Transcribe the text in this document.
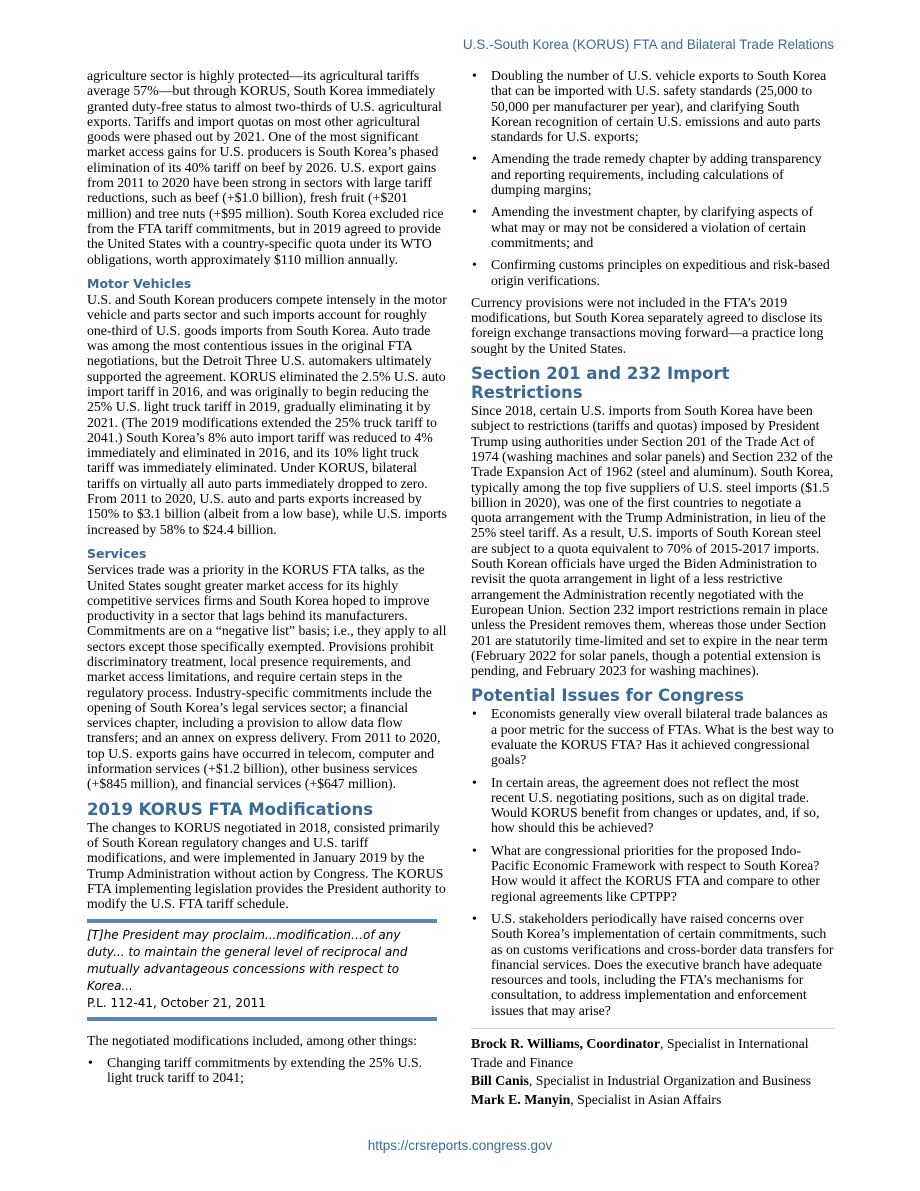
U.S.-South Korea (KORUS) FTA and Bilateral Trade Relations

agriculture sector is highly protected—its agricultural tariffs average 57%—but through KORUS, South Korea immediately granted duty-free status to almost two-thirds of U.S. agricultural exports. Tariffs and import quotas on most other agricultural goods were phased out by 2021. One of the most significant market access gains for U.S. producers is South Korea’s phased elimination of its 40% tariff on beef by 2026. U.S. export gains from 2011 to 2020 have been strong in sectors with large tariff reductions, such as beef (+$1.0 billion), fresh fruit (+$201 million) and tree nuts (+$95 million). South Korea excluded rice from the FTA tariff commitments, but in 2019 agreed to provide the United States with a country-specific quota under its WTO obligations, worth approximately $110 million annually.

Motor Vehicles

U.S. and South Korean producers compete intensely in the motor vehicle and parts sector and such imports account for roughly one-third of U.S. goods imports from South Korea. Auto trade was among the most contentious issues in the original FTA negotiations, but the Detroit Three U.S. automakers ultimately supported the agreement. KORUS eliminated the 2.5% U.S. auto import tariff in 2016, and was originally to begin reducing the 25% U.S. light truck tariff in 2019, gradually eliminating it by 2021. (The 2019 modifications extended the 25% truck tariff to 2041.) South Korea’s 8% auto import tariff was reduced to 4% immediately and eliminated in 2016, and its 10% light truck tariff was immediately eliminated. Under KORUS, bilateral tariffs on virtually all auto parts immediately dropped to zero. From 2011 to 2020, U.S. auto and parts exports increased by 150% to $3.1 billion (albeit from a low base), while U.S. imports increased by 58% to $24.4 billion.

Services

Services trade was a priority in the KORUS FTA talks, as the United States sought greater market access for its highly competitive services firms and South Korea hoped to improve productivity in a sector that lags behind its manufacturers. Commitments are on a “negative list” basis; i.e., they apply to all sectors except those specifically exempted. Provisions prohibit discriminatory treatment, local presence requirements, and market access limitations, and require certain steps in the regulatory process. Industry-specific commitments include the opening of South Korea’s legal services sector; a financial services chapter, including a provision to allow data flow transfers; and an annex on express delivery. From 2011 to 2020, top U.S. exports gains have occurred in telecom, computer and information services (+$1.2 billion), other business services (+$845 million), and financial services (+$647 million).

2019 KORUS FTA Modifications

The changes to KORUS negotiated in 2018, consisted primarily of South Korean regulatory changes and U.S. tariff modifications, and were implemented in January 2019 by the Trump Administration without action by Congress. The KORUS FTA implementing legislation provides the President authority to modify the U.S. FTA tariff schedule.

[T]he President may proclaim...modification…of any duty... to maintain the general level of reciprocal and mutually advantageous concessions with respect to Korea...
P.L. 112-41, October 21, 2011

The negotiated modifications included, among other things:

• Changing tariff commitments by extending the 25% U.S. light truck tariff to 2041;
• Doubling the number of U.S. vehicle exports to South Korea that can be imported with U.S. safety standards (25,000 to 50,000 per manufacturer per year), and clarifying South Korean recognition of certain U.S. emissions and auto parts standards for U.S. exports;
• Amending the trade remedy chapter by adding transparency and reporting requirements, including calculations of dumping margins;
• Amending the investment chapter, by clarifying aspects of what may or may not be considered a violation of certain commitments; and
• Confirming customs principles on expeditious and risk-based origin verifications.

Currency provisions were not included in the FTA’s 2019 modifications, but South Korea separately agreed to disclose its foreign exchange transactions moving forward—a practice long sought by the United States.

Section 201 and 232 Import Restrictions

Since 2018, certain U.S. imports from South Korea have been subject to restrictions (tariffs and quotas) imposed by President Trump using authorities under Section 201 of the Trade Act of 1974 (washing machines and solar panels) and Section 232 of the Trade Expansion Act of 1962 (steel and aluminum). South Korea, typically among the top five suppliers of U.S. steel imports ($1.5 billion in 2020), was one of the first countries to negotiate a quota arrangement with the Trump Administration, in lieu of the 25% steel tariff. As a result, U.S. imports of South Korean steel are subject to a quota equivalent to 70% of 2015-2017 imports. South Korean officials have urged the Biden Administration to revisit the quota arrangement in light of a less restrictive arrangement the Administration recently negotiated with the European Union. Section 232 import restrictions remain in place unless the President removes them, whereas those under Section 201 are statutorily time-limited and set to expire in the near term (February 2022 for solar panels, though a potential extension is pending, and February 2023 for washing machines).

Potential Issues for Congress
• Economists generally view overall bilateral trade balances as a poor metric for the success of FTAs. What is the best way to evaluate the KORUS FTA? Has it achieved congressional goals?
• In certain areas, the agreement does not reflect the most recent U.S. negotiating positions, such as on digital trade. Would KORUS benefit from changes or updates, and, if so, how should this be achieved?
• What are congressional priorities for the proposed Indo-Pacific Economic Framework with respect to South Korea? How would it affect the KORUS FTA and compare to other regional agreements like CPTPP?
• U.S. stakeholders periodically have raised concerns over South Korea’s implementation of certain commitments, such as on customs verifications and cross-border data transfers for financial services. Does the executive branch have adequate resources and tools, including the FTA’s mechanisms for consultation, to address implementation and enforcement issues that may arise?

Brock R. Williams, Coordinator, Specialist in International Trade and Finance

Bill Canis, Specialist in Industrial Organization and Business

Mark E. Manyin, Specialist in Asian Affairs

https://crsreports.congress.gov
